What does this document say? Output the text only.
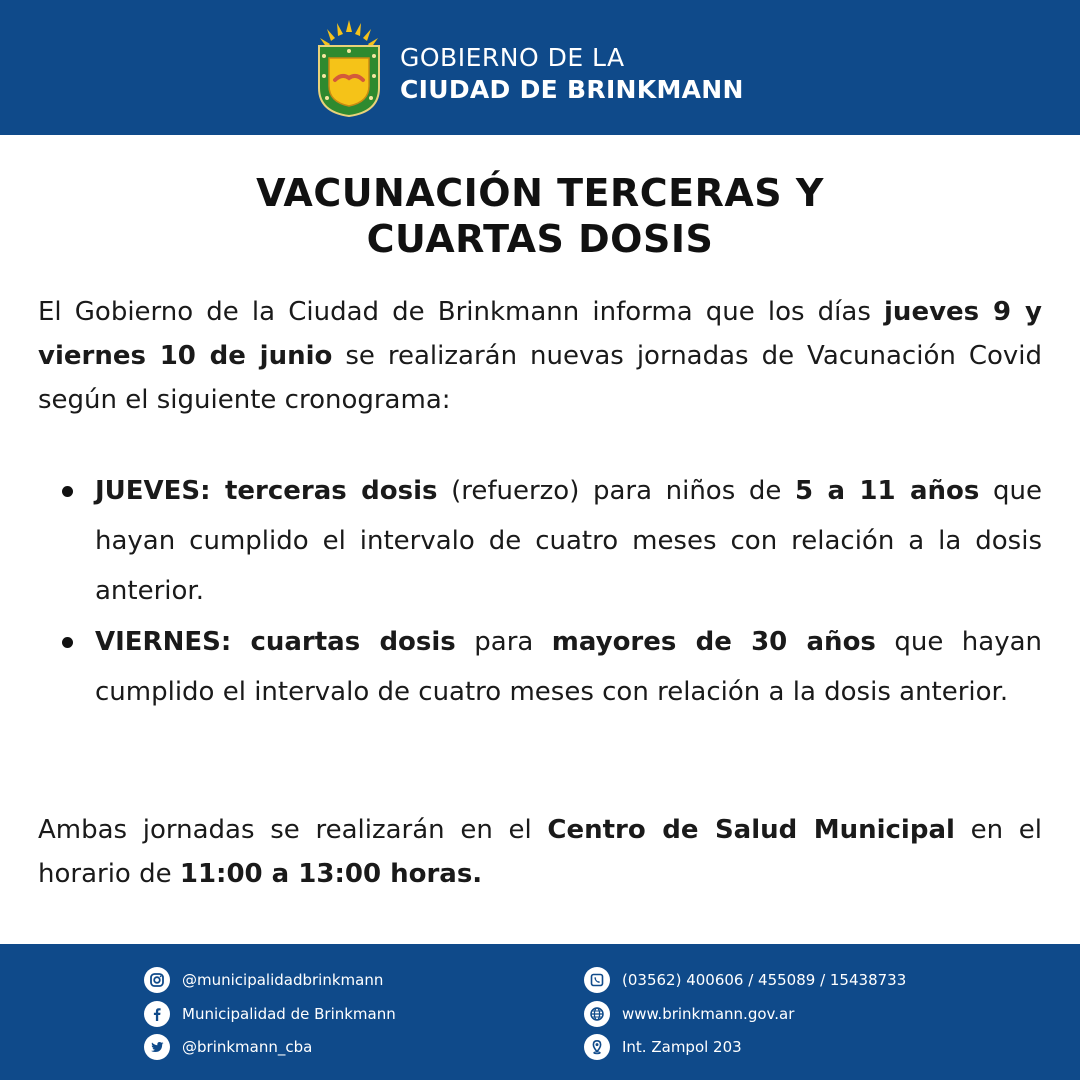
GOBIERNO DE LA
CIUDAD DE BRINKMANN
VACUNACIÓN TERCERAS Y
CUARTAS DOSIS

El Gobierno de la Ciudad de Brinkmann informa que los días jueves 9 y viernes 10 de junio se realizarán nuevas jornadas de Vacunación Covid según el siguiente cronograma:

JUEVES: terceras dosis (refuerzo) para niños de 5 a 11 años que hayan cumplido el intervalo de cuatro meses con relación a la dosis anterior.
VIERNES: cuartas dosis para mayores de 30 años que hayan cumplido el intervalo de cuatro meses con relación a la dosis anterior.

Ambas jornadas se realizarán en el Centro de Salud Municipal en el horario de 11:00 a 13:00 horas.

@municipalidadbrinkmann
Municipalidad de Brinkmann
@brinkmann_cba
(03562) 400606 / 455089 / 15438733
www.brinkmann.gov.ar
Int. Zampol 203
